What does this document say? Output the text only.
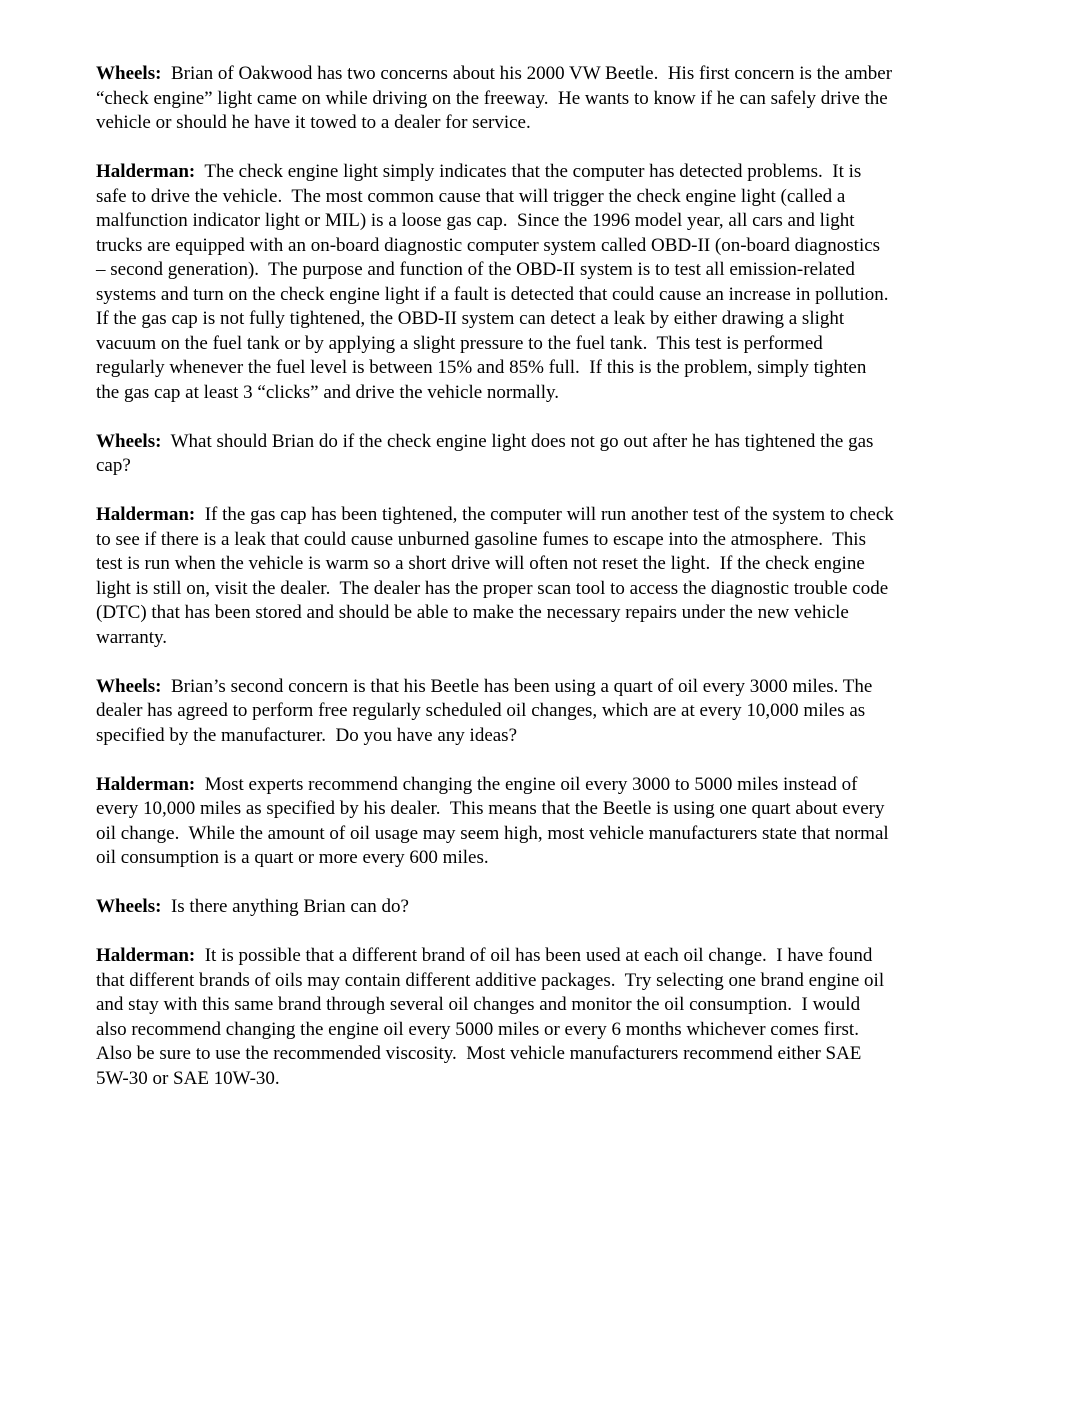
Wheels:  Brian of Oakwood has two concerns about his 2000 VW Beetle.  His first concern is the amber
“check engine” light came on while driving on the freeway.  He wants to know if he can safely drive the
vehicle or should he have it towed to a dealer for service.
Halderman:  The check engine light simply indicates that the computer has detected problems.  It is
safe to drive the vehicle.  The most common cause that will trigger the check engine light (called a
malfunction indicator light or MIL) is a loose gas cap.  Since the 1996 model year, all cars and light
trucks are equipped with an on-board diagnostic computer system called OBD-II (on-board diagnostics
– second generation).  The purpose and function of the OBD-II system is to test all emission-related
systems and turn on the check engine light if a fault is detected that could cause an increase in pollution.
If the gas cap is not fully tightened, the OBD-II system can detect a leak by either drawing a slight
vacuum on the fuel tank or by applying a slight pressure to the fuel tank.  This test is performed
regularly whenever the fuel level is between 15% and 85% full.  If this is the problem, simply tighten
the gas cap at least 3 “clicks” and drive the vehicle normally.
Wheels:  What should Brian do if the check engine light does not go out after he has tightened the gas
cap?
Halderman:  If the gas cap has been tightened, the computer will run another test of the system to check
to see if there is a leak that could cause unburned gasoline fumes to escape into the atmosphere.  This
test is run when the vehicle is warm so a short drive will often not reset the light.  If the check engine
light is still on, visit the dealer.  The dealer has the proper scan tool to access the diagnostic trouble code
(DTC) that has been stored and should be able to make the necessary repairs under the new vehicle
warranty.
Wheels:  Brian’s second concern is that his Beetle has been using a quart of oil every 3000 miles. The
dealer has agreed to perform free regularly scheduled oil changes, which are at every 10,000 miles as
specified by the manufacturer.  Do you have any ideas?
Halderman:  Most experts recommend changing the engine oil every 3000 to 5000 miles instead of
every 10,000 miles as specified by his dealer.  This means that the Beetle is using one quart about every
oil change.  While the amount of oil usage may seem high, most vehicle manufacturers state that normal
oil consumption is a quart or more every 600 miles.
Wheels:  Is there anything Brian can do?
Halderman:  It is possible that a different brand of oil has been used at each oil change.  I have found
that different brands of oils may contain different additive packages.  Try selecting one brand engine oil
and stay with this same brand through several oil changes and monitor the oil consumption.  I would
also recommend changing the engine oil every 5000 miles or every 6 months whichever comes first.
Also be sure to use the recommended viscosity.  Most vehicle manufacturers recommend either SAE
5W-30 or SAE 10W-30.
